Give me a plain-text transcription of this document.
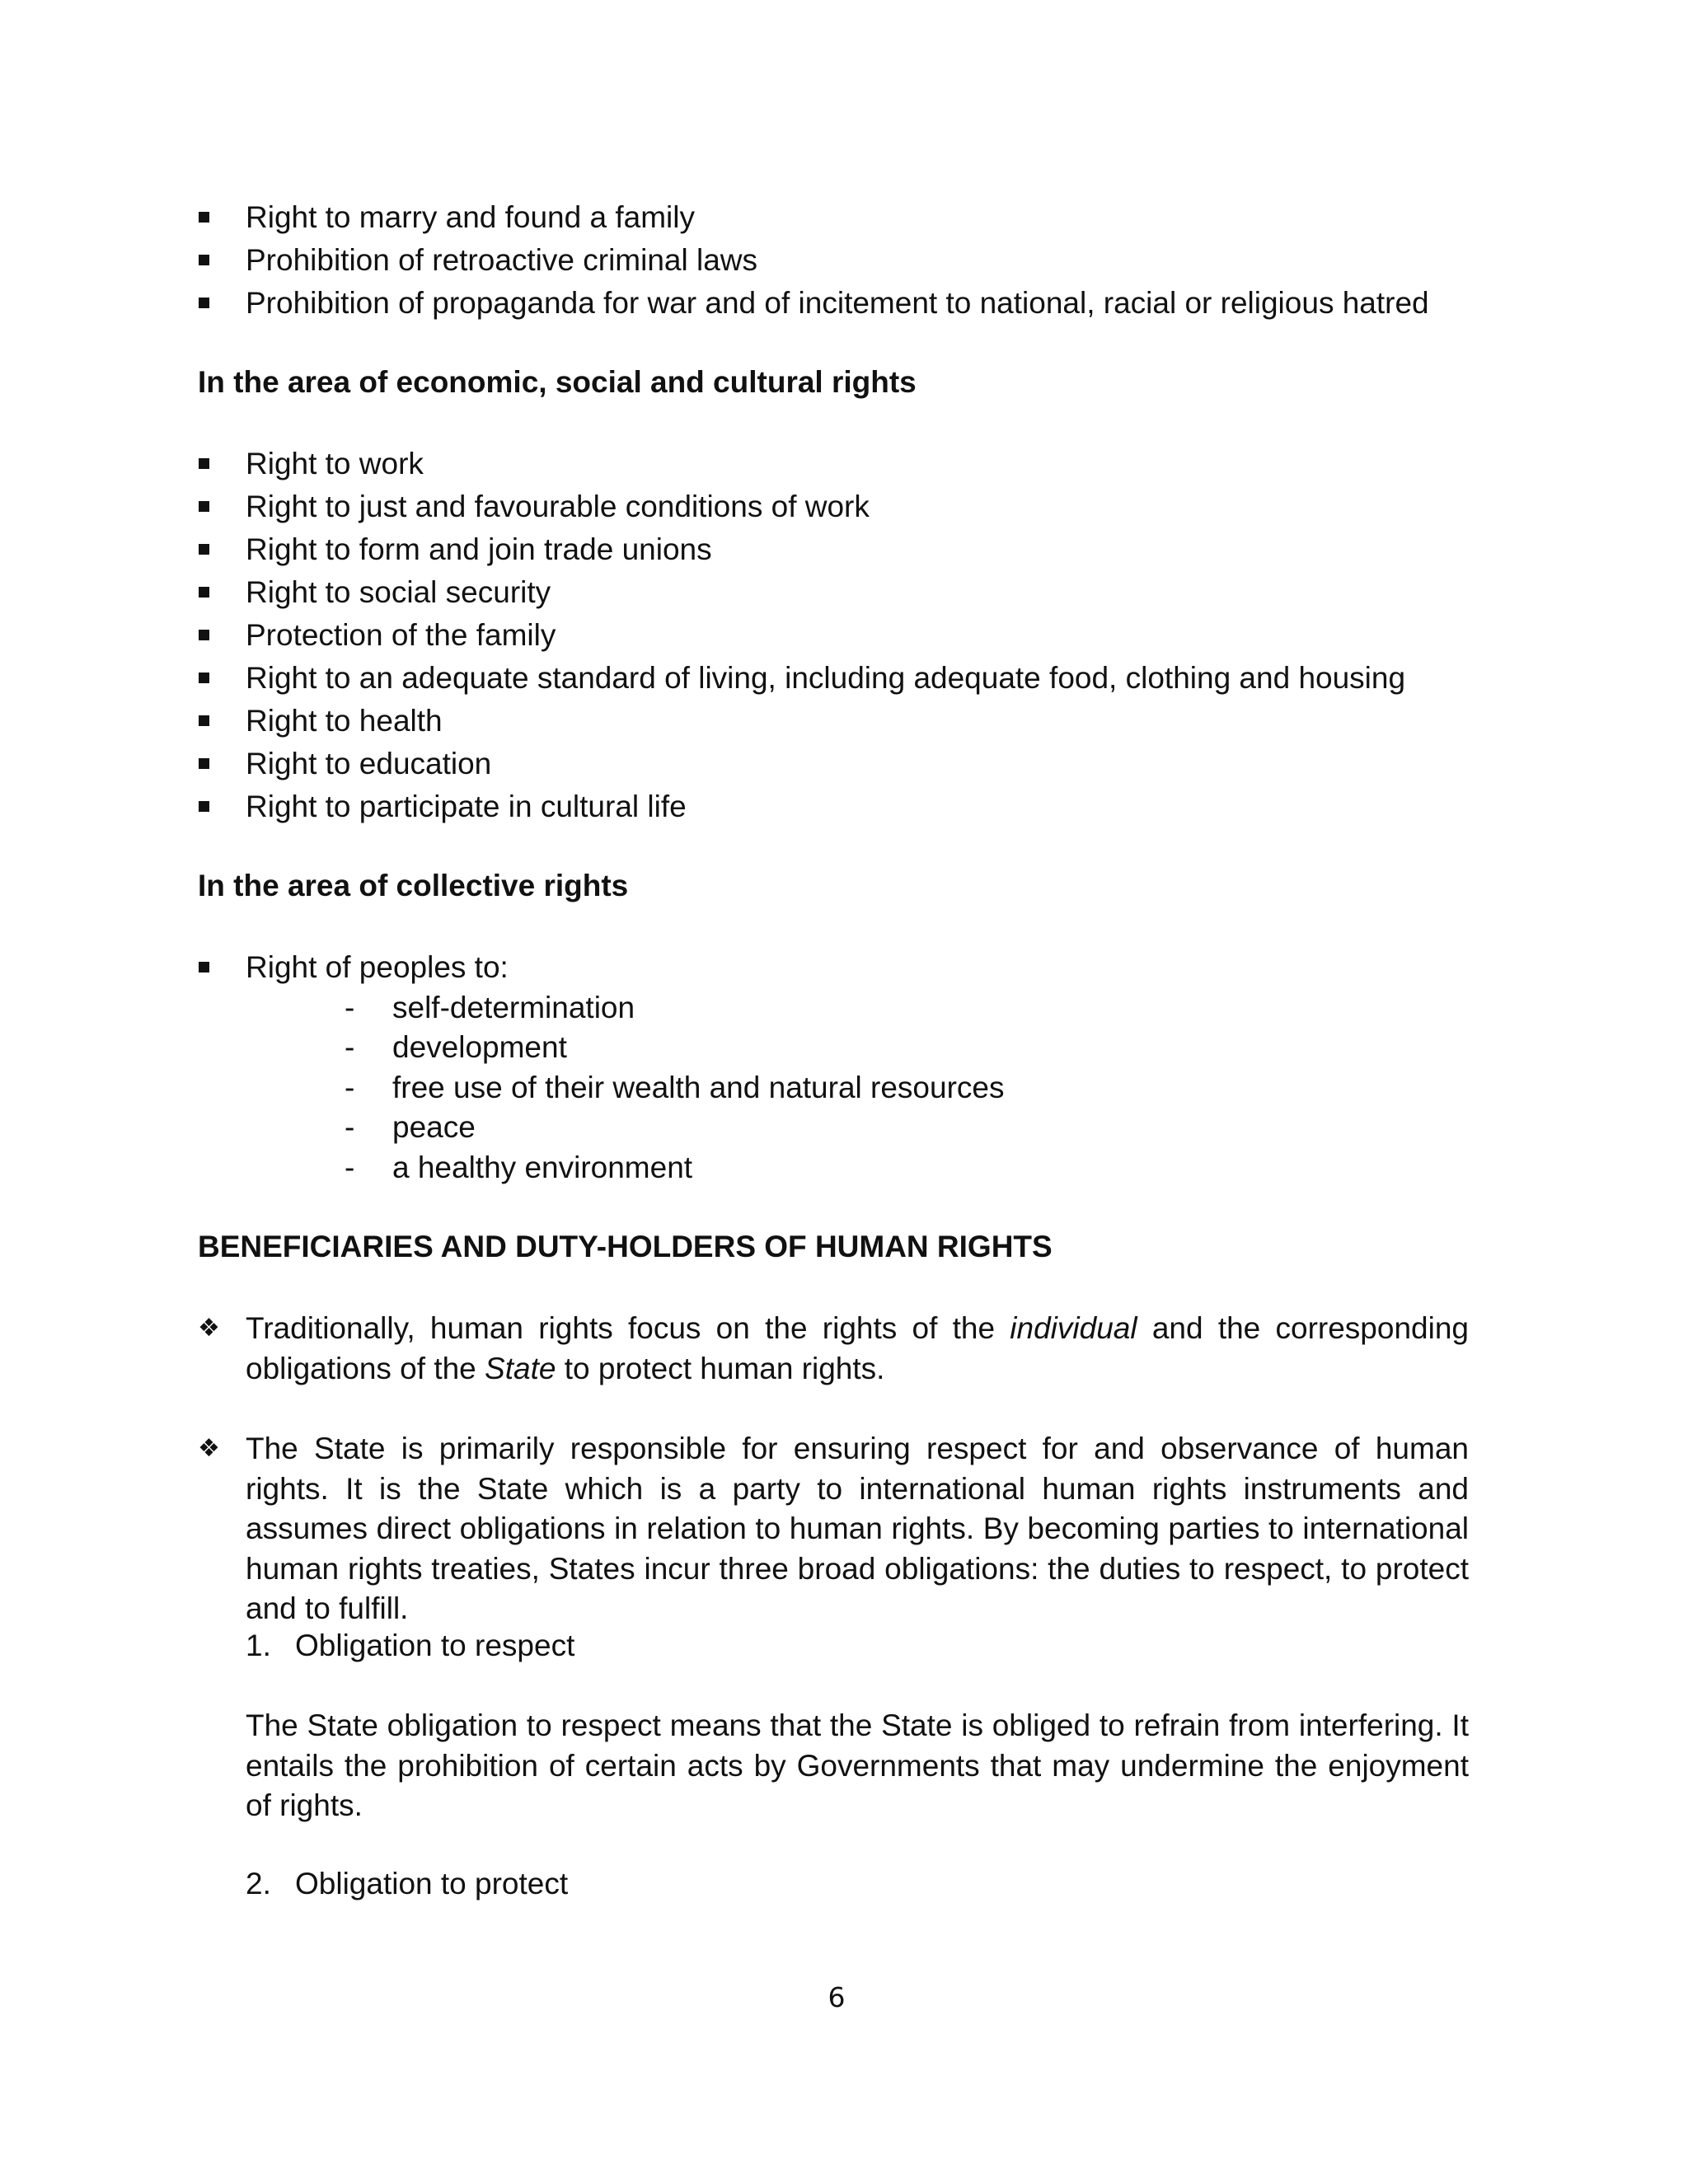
Right to marry and found a family
Prohibition of retroactive criminal laws
Prohibition of propaganda for war and of incitement to national, racial or religious hatred
In the area of economic, social and cultural rights
Right to work
Right to just and favourable conditions of work
Right to form and join trade unions
Right to social security
Protection of the family
Right to an adequate standard of living, including adequate food, clothing and housing
Right to health
Right to education
Right to participate in cultural life
In the area of collective rights
Right of peoples to:
- self-determination
- development
- free use of their wealth and natural resources
- peace
- a healthy environment
BENEFICIARIES AND DUTY-HOLDERS OF HUMAN RIGHTS
❖ Traditionally, human rights focus on the rights of the individual and the corresponding obligations of the State to protect human rights.
❖ The State is primarily responsible for ensuring respect for and observance of human rights. It is the State which is a party to international human rights instruments and assumes direct obligations in relation to human rights. By becoming parties to international human rights treaties, States incur three broad obligations: the duties to respect, to protect and to fulfill.
1. Obligation to respect
The State obligation to respect means that the State is obliged to refrain from interfering. It entails the prohibition of certain acts by Governments that may undermine the enjoyment of rights.
2. Obligation to protect
6
